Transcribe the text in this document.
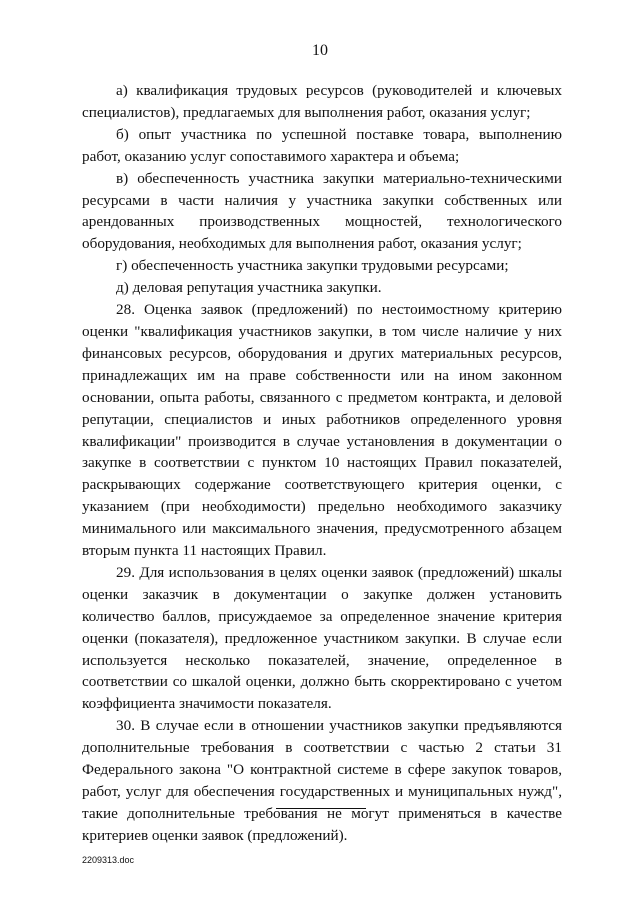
10

а) квалификация трудовых ресурсов (руководителей и ключевых специалистов), предлагаемых для выполнения работ, оказания услуг;

б) опыт участника по успешной поставке товара, выполнению работ, оказанию услуг сопоставимого характера и объема;

в) обеспеченность участника закупки материально-техническими ресурсами в части наличия у участника закупки собственных или арендованных производственных мощностей, технологического оборудования, необходимых для выполнения работ, оказания услуг;

г) обеспеченность участника закупки трудовыми ресурсами;

д) деловая репутация участника закупки.

28. Оценка заявок (предложений) по нестоимостному критерию оценки "квалификация участников закупки, в том числе наличие у них финансовых ресурсов, оборудования и других материальных ресурсов, принадлежащих им на праве собственности или на ином законном основании, опыта работы, связанного с предметом контракта, и деловой репутации, специалистов и иных работников определенного уровня квалификации" производится в случае установления в документации о закупке в соответствии с пунктом 10 настоящих Правил показателей, раскрывающих содержание соответствующего критерия оценки, с указанием (при необходимости) предельно необходимого заказчику минимального или максимального значения, предусмотренного абзацем вторым пункта 11 настоящих Правил.

29. Для использования в целях оценки заявок (предложений) шкалы оценки заказчик в документации о закупке должен установить количество баллов, присуждаемое за определенное значение критерия оценки (показателя), предложенное участником закупки. В случае если используется несколько показателей, значение, определенное в соответствии со шкалой оценки, должно быть скорректировано с учетом коэффициента значимости показателя.

30. В случае если в отношении участников закупки предъявляются дополнительные требования в соответствии с частью 2 статьи 31 Федерального закона "О контрактной системе в сфере закупок товаров, работ, услуг для обеспечения государственных и муниципальных нужд", такие дополнительные требования не могут применяться в качестве критериев оценки заявок (предложений).

2209313.doc
